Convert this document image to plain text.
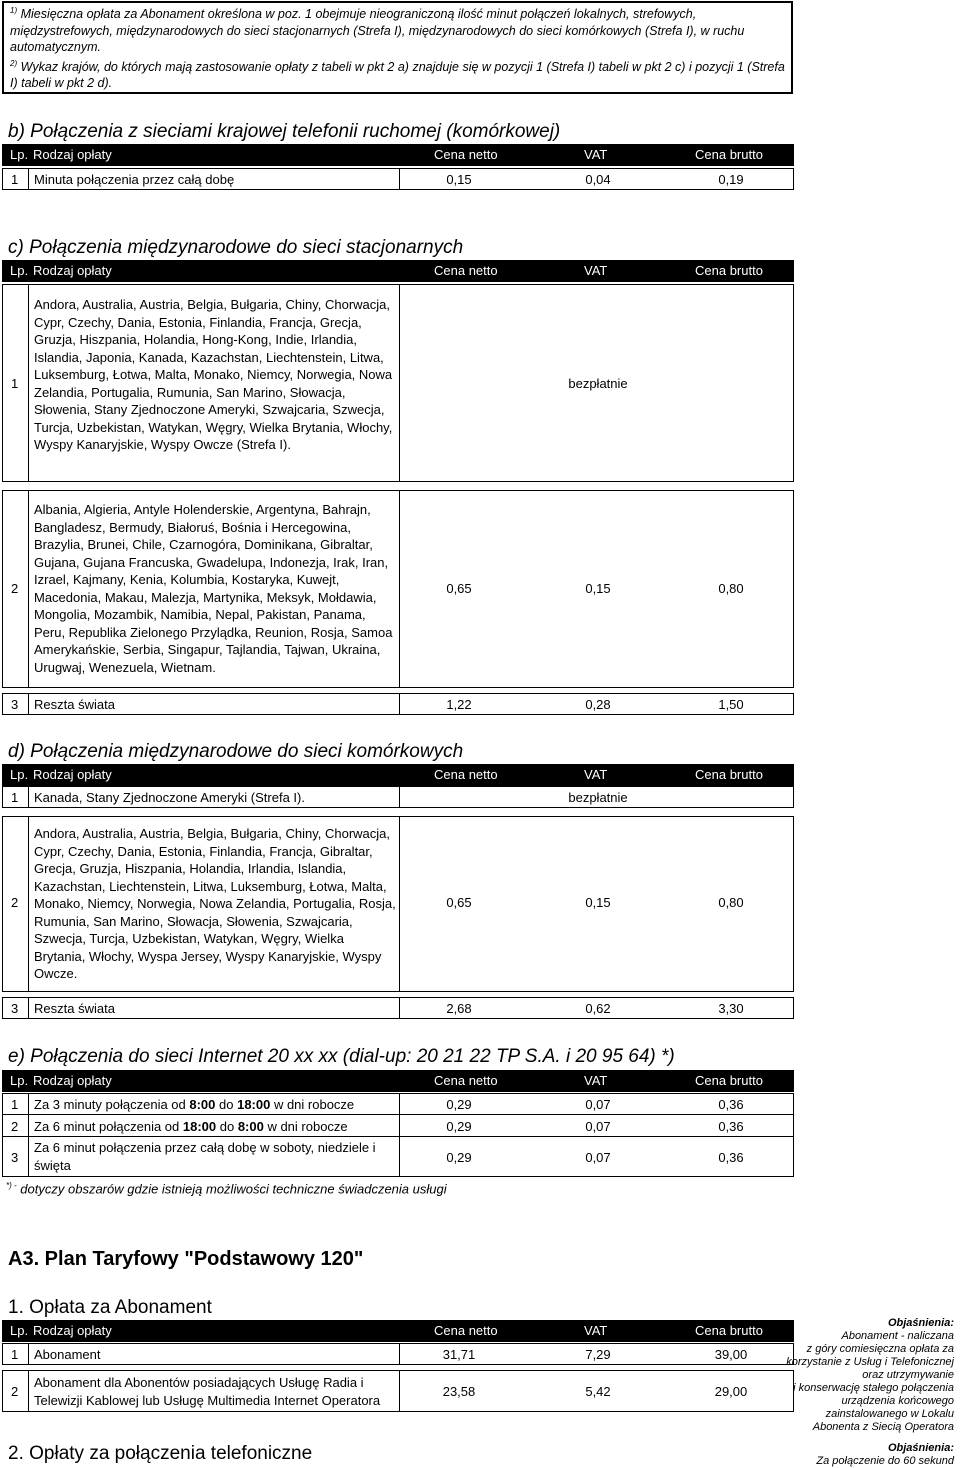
$^{1)}$ Miesięczna opłata za Abonament określona w poz. 1 obejmuje nieograniczoną ilość minut połączeń lokalnych, strefowych, międzystrefowych, międzynarodowych do sieci stacjonarnych (Strefa I), międzynarodowych do sieci komórkowych (Strefa I), w ruchu automatycznym.

$^{2)}$ Wykaz krajów, do których mają zastosowanie opłaty z tabeli w pkt 2 a) znajduje się w pozycji 1 (Strefa I) tabeli w pkt 2 c) i pozycji 1 (Strefa I) tabeli w pkt 2 d).

b) Połączenia z sieciami krajowej telefonii ruchomej (komórkowej)
Lp. Rodzaj opłaty	Cena netto	VAT	Cena brutto
1 Minuta połączenia przez całą dobę	0,15	0,04	0,19
c) Połączenia międzynarodowe do sieci stacjonarnych
Lp. Rodzaj opłaty	Cena netto	VAT	Cena brutto
1
Andora, Australia, Austria, Belgia, Bułgaria, Chiny, Chorwacja, Cypr, Czechy, Dania, Estonia, Finlandia, Francja, Grecja, Gruzja, Hiszpania, Holandia, Hong-Kong, Indie, Irlandia, Islandia, Japonia, Kanada, Kazachstan, Liechtenstein, Litwa, Luksemburg, Łotwa, Malta, Monako, Niemcy, Norwegia, Nowa Zelandia, Portugalia, Rumunia, San Marino, Słowacja, Słowenia, Stany Zjednoczone Ameryki, Szwajcaria, Szwecja, Turcja, Uzbekistan, Watykan, Węgry, Wielka Brytania, Włochy, Wyspy Kanaryjskie, Wyspy Owcze (Strefa I).
bezpłatnie
2
Albania, Algieria, Antyle Holenderskie, Argentyna, Bahrajn, Bangladesz, Bermudy, Białoruś, Bośnia i Hercegowina, Brazylia, Brunei, Chile, Czarnogóra, Dominikana, Gibraltar, Gujana, Gujana Francuska, Gwadelupa, Indonezja, Irak, Iran, Izrael, Kajmany, Kenia, Kolumbia, Kostaryka, Kuwejt, Macedonia, Makau, Malezja, Martynika, Meksyk, Mołdawia, Mongolia, Mozambik, Namibia, Nepal, Pakistan, Panama, Peru, Republika Zielonego Przylądka, Reunion, Rosja, Samoa Amerykańskie, Serbia, Singapur, Tajlandia, Tajwan, Ukraina, Urugwaj, Wenezuela, Wietnam.
0,65	0,15	0,80
3 Reszta świata	1,22	0,28	1,50
d) Połączenia międzynarodowe do sieci komórkowych
Lp. Rodzaj opłaty	Cena netto	VAT	Cena brutto
1 Kanada, Stany Zjednoczone Ameryki (Strefa I).	bezpłatnie
2
Andora, Australia, Austria, Belgia, Bułgaria, Chiny, Chorwacja, Cypr, Czechy, Dania, Estonia, Finlandia, Francja, Gibraltar, Grecja, Gruzja, Hiszpania, Holandia, Irlandia, Islandia, Kazachstan, Liechtenstein, Litwa, Luksemburg, Łotwa, Malta, Monako, Niemcy, Norwegia, Nowa Zelandia, Portugalia, Rosja, Rumunia, San Marino, Słowacja, Słowenia, Szwajcaria, Szwecja, Turcja, Uzbekistan, Watykan, Węgry, Wielka Brytania, Włochy, Wyspa Jersey, Wyspy Kanaryjskie, Wyspy Owcze.
0,65	0,15	0,80
3 Reszta świata	2,68	0,62	3,30
e) Połączenia do sieci Internet 20 xx xx (dial-up: 20 21 22 TP S.A. i 20 95 64) *)
Lp. Rodzaj opłaty	Cena netto	VAT	Cena brutto
1 Za 3 minuty połączenia od 8:00 do 18:00 w dni robocze	0,29	0,07	0,36
2 Za 6 minut połączenia od 18:00 do 8:00 w dni robocze	0,29	0,07	0,36
3
Za 6 minut połączenia przez całą dobę w soboty, niedziele i
święta
0,29	0,07	0,36
*) - dotyczy obszarów gdzie istnieją możliwości techniczne świadczenia usługi
A3. Plan Taryfowy "Podstawowy 120"
1. Opłata za Abonament
Lp. Rodzaj opłaty	Cena netto	VAT	Cena brutto
1 Abonament	31,71	7,29	39,00
2
Abonament dla Abonentów posiadających Usługę Radia i
Telewizji Kablowej lub Usługę Multimedia Internet Operatora
23,58	5,42	29,00
Objaśnienia:
Abonament - naliczana
z góry comiesięczna opłata za
korzystanie z Usług i Telefonicznej
oraz utrzymywanie
i konserwację stałego połączenia
urządzenia końcowego
zainstalowanego w Lokalu
Abonenta z Siecią Operatora
2. Opłaty za połączenia telefoniczne	Objaśnienia:
Za połączenie do 60 sekund
